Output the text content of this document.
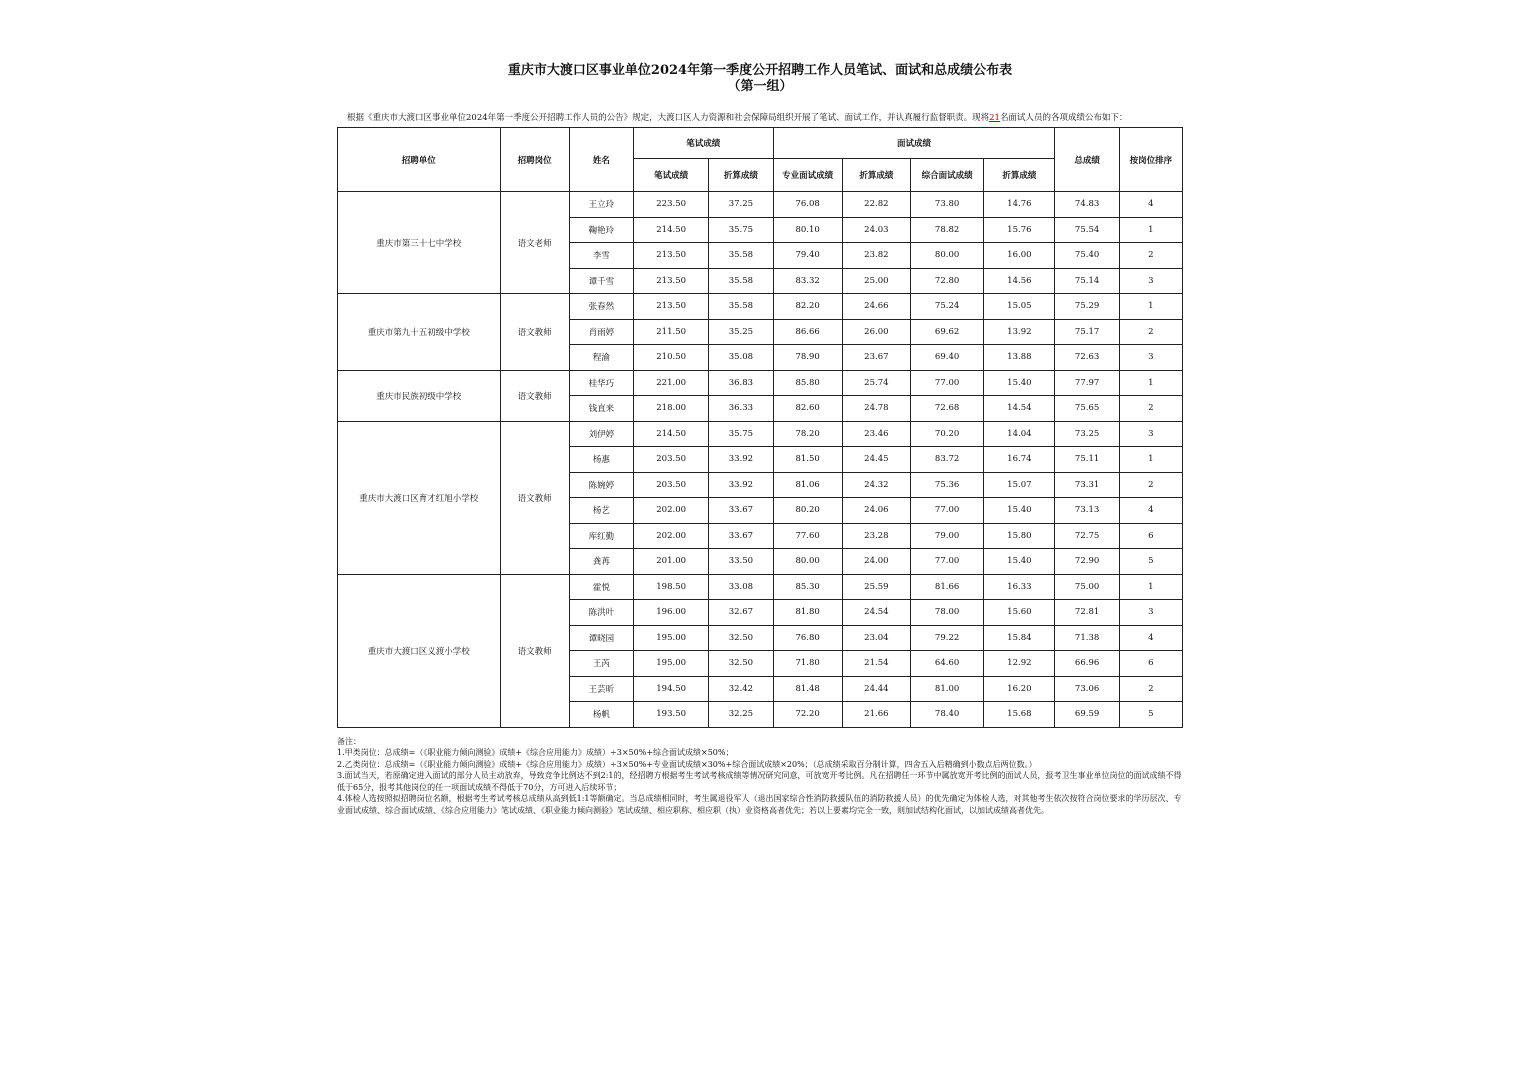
重庆市大渡口区事业单位2024年第一季度公开招聘工作人员笔试、面试和总成绩公布表
（第一组）
根据《重庆市大渡口区事业单位2024年第一季度公开招聘工作人员的公告》规定，大渡口区人力资源和社会保障局组织开展了笔试、面试工作，并认真履行监督职责。现将21名面试人员的各项成绩公布如下：
招聘单位	招聘岗位	姓名	笔试成绩		面试成绩				总成绩	按岗位排序
			笔试成绩	折算成绩	专业面试成绩	折算成绩	综合面试成绩	折算成绩		
重庆市第三十七中学校	语文老师	王立玲	223.50	37.25	76.08	22.82	73.80	14.76	74.83	4
		鞠艳玲	214.50	35.75	80.10	24.03	78.82	15.76	75.54	1
		李雪	213.50	35.58	79.40	23.82	80.00	16.00	75.40	2
		谭千雪	213.50	35.58	83.32	25.00	72.80	14.56	75.14	3
重庆市第九十五初级中学校	语文教师	张春然	213.50	35.58	82.20	24.66	75.24	15.05	75.29	1
		肖雨婷	211.50	35.25	86.66	26.00	69.62	13.92	75.17	2
		程渝	210.50	35.08	78.90	23.67	69.40	13.88	72.63	3
重庆市民族初级中学校	语文教师	桂华巧	221.00	36.83	85.80	25.74	77.00	15.40	77.97	1
		钱直来	218.00	36.33	82.60	24.78	72.68	14.54	75.65	2
重庆市大渡口区育才红旭小学校	语文教师	刘伊婷	214.50	35.75	78.20	23.46	70.20	14.04	73.25	3
		杨惠	203.50	33.92	81.50	24.45	83.72	16.74	75.11	1
		陈婉婷	203.50	33.92	81.06	24.32	75.36	15.07	73.31	2
		杨艺	202.00	33.67	80.20	24.06	77.00	15.40	73.13	4
		库红勤	202.00	33.67	77.60	23.28	79.00	15.80	72.75	6
		龚苒	201.00	33.50	80.00	24.00	77.00	15.40	72.90	5
重庆市大渡口区义渡小学校	语文教师	霍悦	198.50	33.08	85.30	25.59	81.66	16.33	75.00	1
		陈洪叶	196.00	32.67	81.80	24.54	78.00	15.60	72.81	3
		谭晓园	195.00	32.50	76.80	23.04	79.22	15.84	71.38	4
		王芮	195.00	32.50	71.80	21.54	64.60	12.92	66.96	6
		王芸昕	194.50	32.42	81.48	24.44	81.00	16.20	73.06	2
		杨帆	193.50	32.25	72.20	21.66	78.40	15.68	69.59	5
备注：
1.甲类岗位：总成绩=（《职业能力倾向测验》成绩+《综合应用能力》成绩）÷3×50%+综合面试成绩×50%；
2.乙类岗位：总成绩=（《职业能力倾向测验》成绩+《综合应用能力》成绩）÷3×50%+专业面试成绩×30%+综合面试成绩×20%；（总成绩采取百分制计算，四舍五入后精确到小数点后两位数。）
3.面试当天，若原确定进入面试的部分人员主动放弃，导致竞争比例达不到2:1的，经招聘方根据考生考试考核成绩等情况研究同意，可放宽开考比例。凡在招聘任一环节中属放宽开考比例的面试人员，报考卫生事业单位岗位的面试成绩不得低于65分，报考其他岗位的任一项面试成绩不得低于70分，方可进入后续环节；
4.体检人选按照拟招聘岗位名额，根据考生考试考核总成绩从高到低1:1等额确定。当总成绩相同时，考生属退役军人（退出国家综合性消防救援队伍的消防救援人员）的优先确定为体检人选，对其他考生依次按符合岗位要求的学历层次、专业面试成绩、综合面试成绩、《综合应用能力》笔试成绩、《职业能力倾向测验》笔试成绩、相应职称、相应职（执）业资格高者优先；若以上要素均完全一致，则加试结构化面试，以加试成绩高者优先。
